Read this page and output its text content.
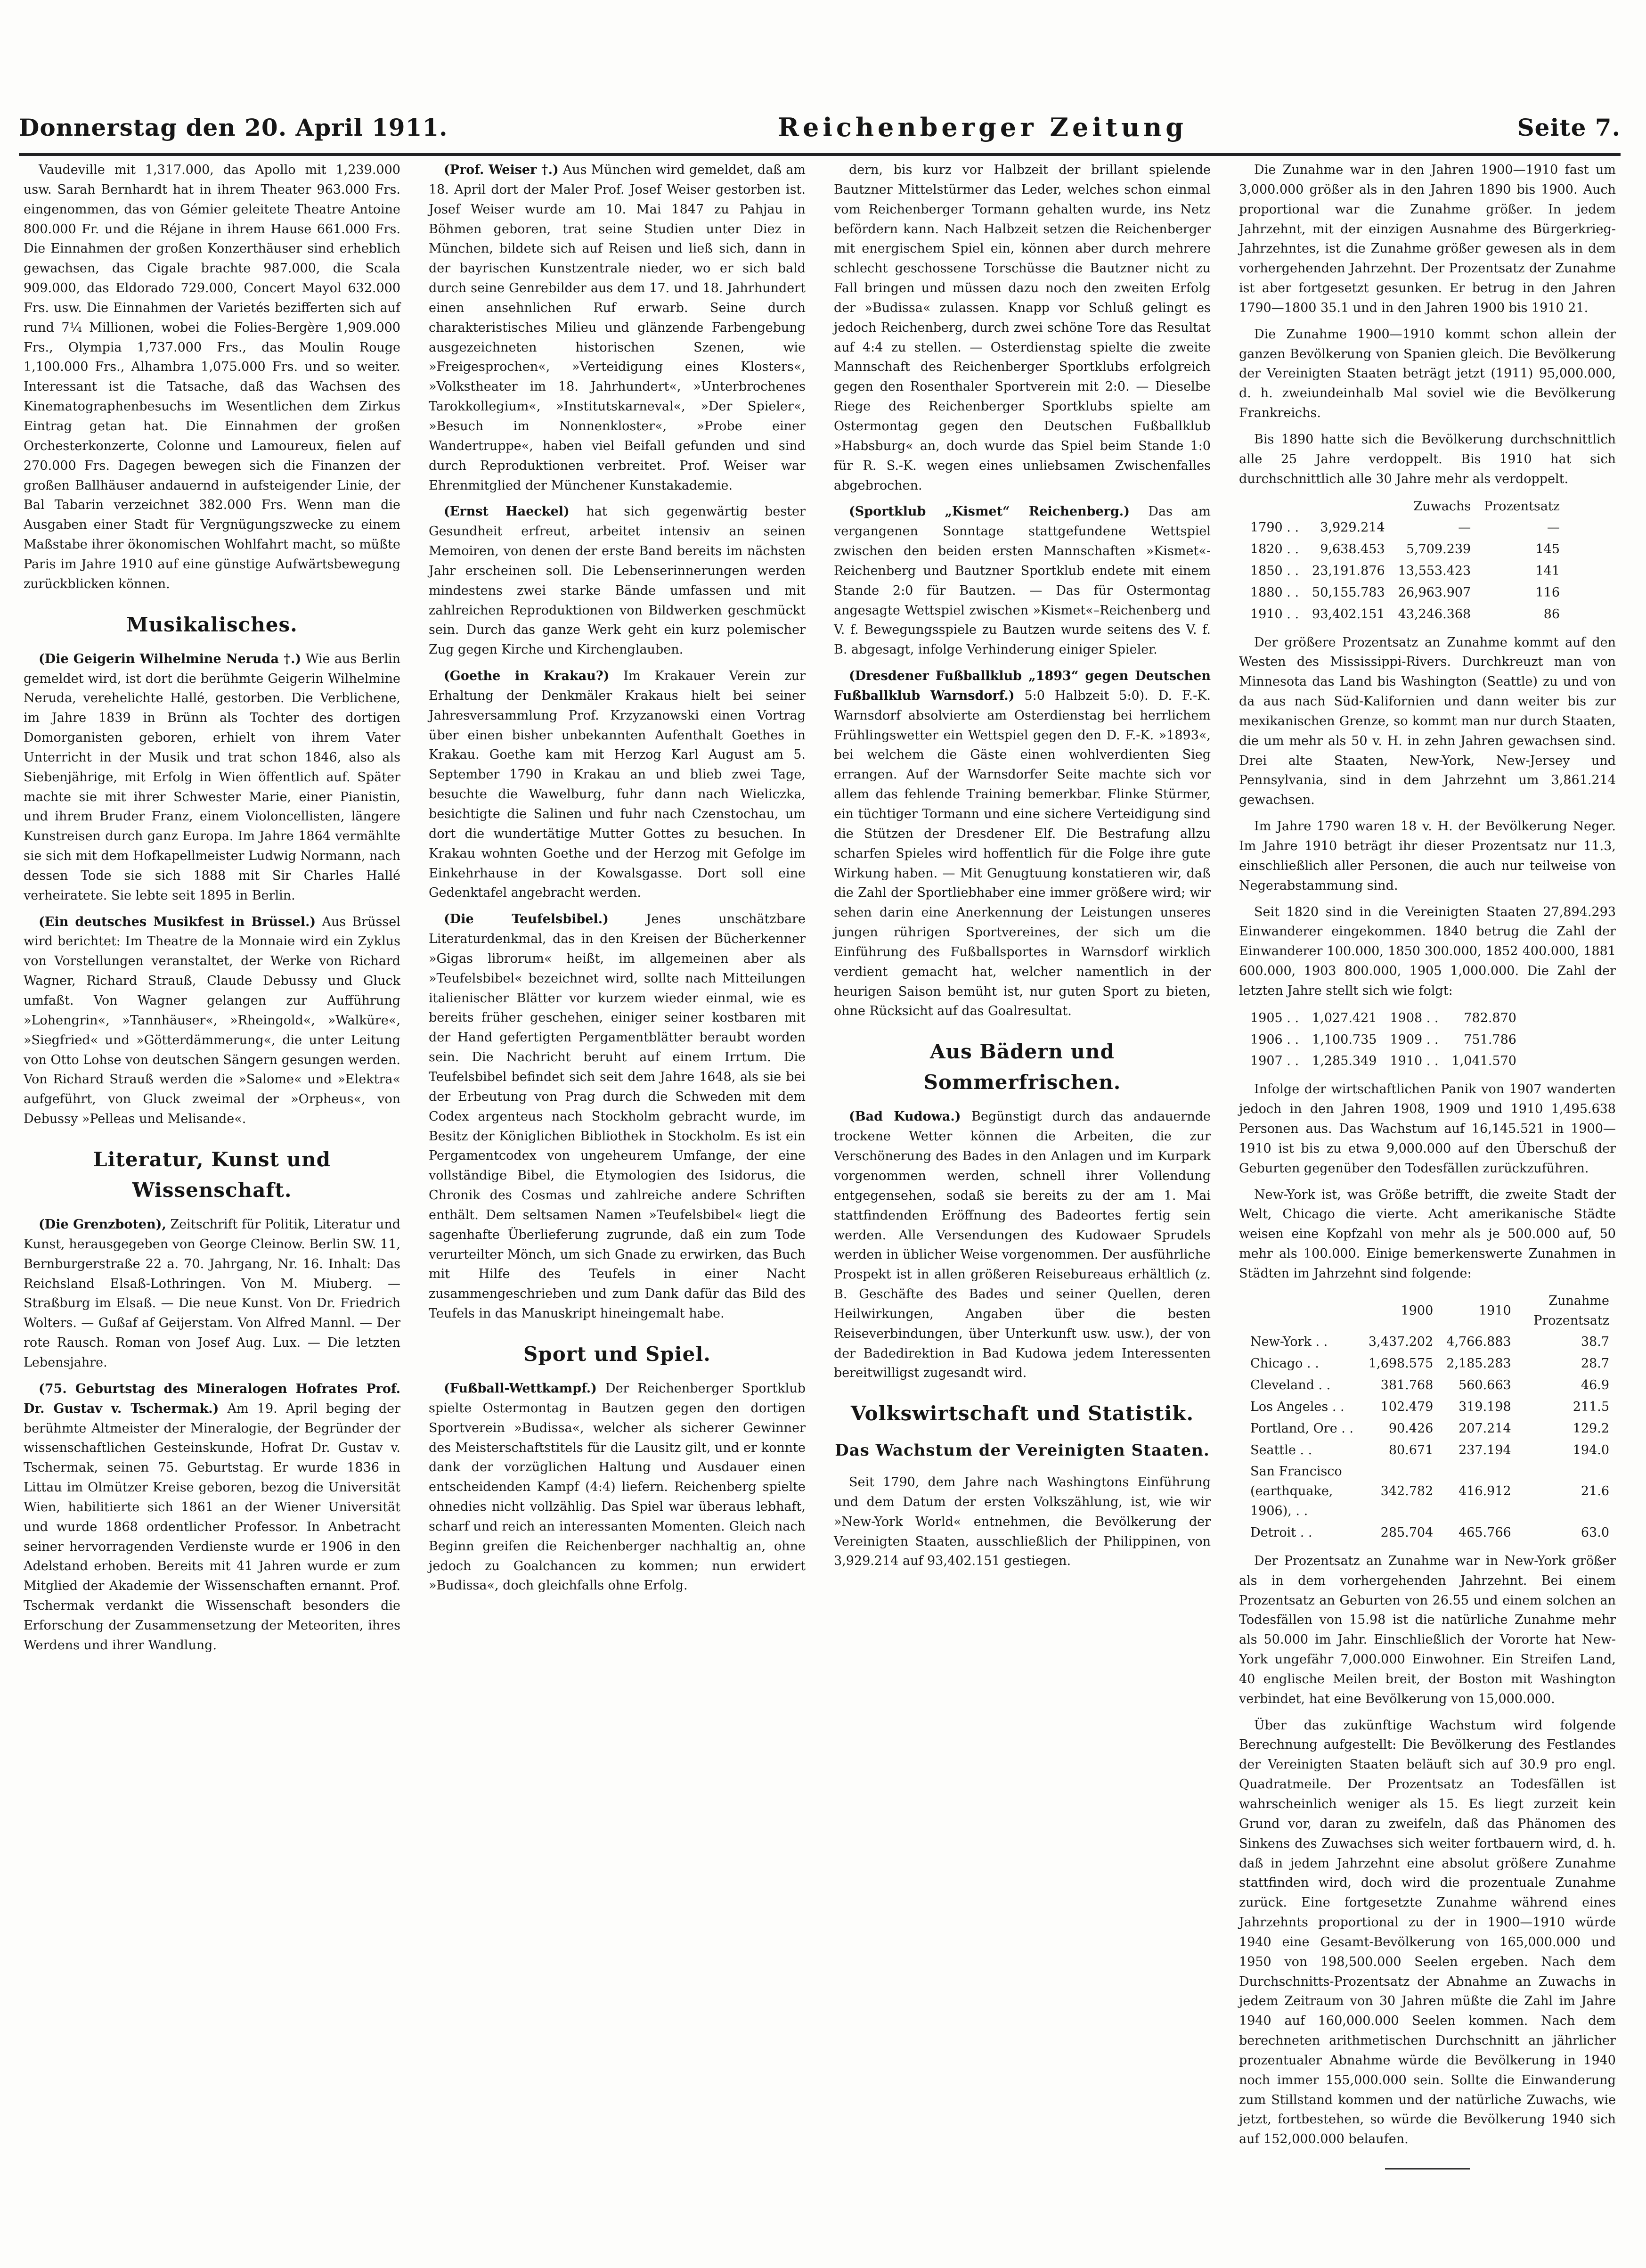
Donnerstag den 20. April 1911.	Reichenberger Zeitung	Seite 7.

Vaudeville mit 1,317.000, das Apollo mit 1,239.000 usw. Sarah Bernhardt hat in ihrem Theater 963.000 Frs. eingenommen, das von Gémier geleitete Theatre Antoine 800.000 Fr. und die Réjane in ihrem Hause 661.000 Frs. Die Einnahmen der großen Konzerthäuser sind erheblich gewachsen, das Cigale brachte 987.000, die Scala 909.000, das Eldorado 729.000, Concert Mayol 632.000 Frs. usw. Die Einnahmen der Varietés bezifferten sich auf rund 7¼ Millionen, wobei die Folies-Bergère 1,909.000 Frs., Olympia 1,737.000 Frs., das Moulin Rouge 1,100.000 Frs., Alhambra 1,075.000 Frs. und so weiter. Interessant ist die Tatsache, daß das Wachsen des Kinematographenbesuchs im Wesentlichen dem Zirkus Eintrag getan hat. Die Einnahmen der großen Orchesterkonzerte, Colonne und Lamoureux, fielen auf 270.000 Frs. Dagegen bewegen sich die Finanzen der großen Ballhäuser andauernd in aufsteigender Linie, der Bal Tabarin verzeichnet 382.000 Frs. Wenn man die Ausgaben einer Stadt für Vergnügungszwecke zu einem Maßstabe ihrer ökonomischen Wohlfahrt macht, so müßte Paris im Jahre 1910 auf eine günstige Aufwärtsbewegung zurückblicken können.

Musikalisches.

(Die Geigerin Wilhelmine Neruda †.) Wie aus Berlin gemeldet wird, ist dort die berühmte Geigerin Wilhelmine Neruda, verehelichte Hallé, gestorben. Die Verblichene, im Jahre 1839 in Brünn als Tochter des dortigen Domorganisten geboren, erhielt von ihrem Vater Unterricht in der Musik und trat schon 1846, also als Siebenjährige, mit Erfolg in Wien öffentlich auf. Später machte sie mit ihrer Schwester Marie, einer Pianistin, und ihrem Bruder Franz, einem Violoncellisten, längere Kunstreisen durch ganz Europa. Im Jahre 1864 vermählte sie sich mit dem Hofkapellmeister Ludwig Normann, nach dessen Tode sie sich 1888 mit Sir Charles Hallé verheiratete. Sie lebte seit 1895 in Berlin.

(Ein deutsches Musikfest in Brüssel.) Aus Brüssel wird berichtet: Im Theatre de la Monnaie wird ein Zyklus von Vorstellungen veranstaltet, der Werke von Richard Wagner, Richard Strauß, Claude Debussy und Gluck umfaßt. Von Wagner gelangen zur Aufführung »Lohengrin«, »Tannhäuser«, »Rheingold«, »Walküre«, »Siegfried« und »Götterdämmerung«, die unter Leitung von Otto Lohse von deutschen Sängern gesungen werden. Von Richard Strauß werden die »Salome« und »Elektra« aufgeführt, von Gluck zweimal der »Orpheus«, von Debussy »Pelleas und Melisande«.

Literatur, Kunst und Wissenschaft.

(Die Grenzboten), Zeitschrift für Politik, Literatur und Kunst, herausgegeben von George Cleinow. Berlin SW. 11, Bernburgerstraße 22 a. 70. Jahrgang, Nr. 16. Inhalt: Das Reichsland Elsaß-Lothringen. Von M. Miuberg. — Straßburg im Elsaß. — Die neue Kunst. Von Dr. Friedrich Wolters. — Gußaf af Geijerstam. Von Alfred Mannl. — Der rote Rausch. Roman von Josef Aug. Lux. — Die letzten Lebensjahre.

(75. Geburtstag des Mineralogen Hofrates Prof. Dr. Gustav v. Tschermak.) Am 19. April beging der berühmte Altmeister der Mineralogie, der Begründer der wissenschaftlichen Gesteinskunde, Hofrat Dr. Gustav v. Tschermak, seinen 75. Geburtstag. Er wurde 1836 in Littau im Olmützer Kreise geboren, bezog die Universität Wien, habilitierte sich 1861 an der Wiener Universität und wurde 1868 ordentlicher Professor. In Anbetracht seiner hervorragenden Verdienste wurde er 1906 in den Adelstand erhoben. Bereits mit 41 Jahren wurde er zum Mitglied der Akademie der Wissenschaften ernannt. Prof. Tschermak verdankt die Wissenschaft besonders die Erforschung der Zusammensetzung der Meteoriten, ihres Werdens und ihrer Wandlung.

(Prof. Weiser †.) Aus München wird gemeldet, daß am 18. April dort der Maler Prof. Josef Weiser gestorben ist. Josef Weiser wurde am 10. Mai 1847 zu Pahjau in Böhmen geboren, trat seine Studien unter Diez in München, bildete sich auf Reisen und ließ sich, dann in der bayrischen Kunstzentrale nieder, wo er sich bald durch seine Genrebilder aus dem 17. und 18. Jahrhundert einen ansehnlichen Ruf erwarb. Seine durch charakteristisches Milieu und glänzende Farbengebung ausgezeichneten historischen Szenen, wie »Freigesprochen«, »Verteidigung eines Klosters«, »Volkstheater im 18. Jahrhundert«, »Unterbrochenes Tarokkollegium«, »Institutskarneval«, »Der Spieler«, »Besuch im Nonnenkloster«, »Probe einer Wandertruppe«, haben viel Beifall gefunden und sind durch Reproduktionen verbreitet. Prof. Weiser war Ehrenmitglied der Münchener Kunstakademie.

(Ernst Haeckel) hat sich gegenwärtig bester Gesundheit erfreut, arbeitet intensiv an seinen Memoiren, von denen der erste Band bereits im nächsten Jahr erscheinen soll. Die Lebenserinnerungen werden mindestens zwei starke Bände umfassen und mit zahlreichen Reproduktionen von Bildwerken geschmückt sein. Durch das ganze Werk geht ein kurz polemischer Zug gegen Kirche und Kirchenglauben.

(Goethe in Krakau?) Im Krakauer Verein zur Erhaltung der Denkmäler Krakaus hielt bei seiner Jahresversammlung Prof. Krzyzanowski einen Vortrag über einen bisher unbekannten Aufenthalt Goethes in Krakau. Goethe kam mit Herzog Karl August am 5. September 1790 in Krakau an und blieb zwei Tage, besuchte die Wawelburg, fuhr dann nach Wieliczka, besichtigte die Salinen und fuhr nach Czenstochau, um dort die wundertätige Mutter Gottes zu besuchen. In Krakau wohnten Goethe und der Herzog mit Gefolge im Einkehrhause in der Kowalsgasse. Dort soll eine Gedenktafel angebracht werden.

(Die Teufelsbibel.)	Jenes unschätzbare Literaturdenkmal, das in den Kreisen der Bücherkenner »Gigas librorum« heißt, im allgemeinen aber als »Teufelsbibel« bezeichnet wird, sollte nach Mitteilungen italienischer Blätter vor kurzem wieder einmal, wie es bereits früher geschehen, einiger seiner kostbaren mit der Hand gefertigten Pergamentblätter beraubt worden sein. Die Nachricht beruht auf einem Irrtum. Die Teufelsbibel befindet sich seit dem Jahre 1648, als sie bei der Erbeutung von Prag durch die Schweden mit dem Codex argenteus nach Stockholm gebracht wurde, im Besitz der Königlichen Bibliothek in Stockholm. Es ist ein Pergamentcodex von ungeheurem Umfange, der eine vollständige Bibel, die Etymologien des Isidorus, die Chronik des Cosmas und zahlreiche andere Schriften enthält. Dem seltsamen Namen »Teufelsbibel« liegt die sagenhafte Überlieferung zugrunde, daß ein zum Tode verurteilter Mönch, um sich Gnade zu erwirken, das Buch mit Hilfe des Teufels in einer Nacht zusammengeschrieben und zum Dank dafür das Bild des Teufels in das Manuskript hineingemalt habe.

Sport und Spiel.

(Fußball-Wettkampf.) Der Reichenberger Sportklub spielte Ostermontag in Bautzen gegen den dortigen Sportverein »Budissa«, welcher als sicherer Gewinner des Meisterschaftstitels für die Lausitz gilt, und er konnte dank der vorzüglichen Haltung und Ausdauer einen entscheidenden Kampf (4:4) liefern. Reichenberg spielte ohnedies nicht vollzählig. Das Spiel war überaus lebhaft, scharf und reich an interessanten Momenten. Gleich nach Beginn greifen die Reichenberger nachhaltig an, ohne jedoch zu Goalchancen zu kommen; nun erwidert »Budissa«, doch gleichfalls ohne Erfolg.

dern, bis kurz vor Halbzeit der brillant spielende Bautzner Mittelstürmer das Leder, welches schon einmal vom Reichenberger Tormann gehalten wurde, ins Netz befördern kann. Nach Halbzeit setzen die Reichenberger mit energischem Spiel ein, können aber durch mehrere schlecht geschossene Torschüsse die Bautzner nicht zu Fall bringen und müssen dazu noch den zweiten Erfolg der »Budissa« zulassen. Knapp vor Schluß gelingt es jedoch Reichenberg, durch zwei schöne Tore das Resultat auf 4:4 zu stellen. — Osterdienstag spielte die zweite Mannschaft des Reichenberger Sportklubs erfolgreich gegen den Rosenthaler Sportverein mit 2:0. — Dieselbe Riege des Reichenberger Sportklubs spielte am Ostermontag gegen den Deutschen Fußballklub »Habsburg« an, doch wurde das Spiel beim Stande 1:0 für R. S.-K. wegen eines unliebsamen Zwischenfalles abgebrochen.

(Sportklub „Kismet“ Reichenberg.) Das am vergangenen Sonntage stattgefundene Wettspiel zwischen den beiden ersten Mannschaften »Kismet«-Reichenberg und Bautzner Sportklub endete mit einem Stande 2:0 für Bautzen. — Das für Ostermontag angesagte Wettspiel zwischen »Kismet«–Reichenberg und V. f. Bewegungsspiele zu Bautzen wurde seitens des V. f. B. abgesagt, infolge Verhinderung einiger Spieler.

(Dresdener Fußballklub „1893“ gegen Deutschen Fußballklub Warnsdorf.) 5:0 Halbzeit 5:0). D. F.-K. Warnsdorf absolvierte am Osterdienstag bei herrlichem Frühlingswetter ein Wettspiel gegen den D. F.-K. »1893«, bei welchem die Gäste einen wohlverdienten Sieg errangen. Auf der Warnsdorfer Seite machte sich vor allem das fehlende Training bemerkbar. Flinke Stürmer, ein tüchtiger Tormann und eine sichere Verteidigung sind die Stützen der Dresdener Elf. Die Bestrafung allzu scharfen Spieles wird hoffentlich für die Folge ihre gute Wirkung haben. — Mit Genugtuung konstatieren wir, daß die Zahl der Sportliebhaber eine immer größere wird; wir sehen darin eine Anerkennung der Leistungen unseres jungen rührigen Sportvereines, der sich um die Einführung des Fußballsportes in Warnsdorf wirklich verdient gemacht hat, welcher namentlich in der heurigen Saison bemüht ist, nur guten Sport zu bieten, ohne Rücksicht auf das Goalresultat.

Aus Bädern und Sommerfrischen.

(Bad Kudowa.) Begünstigt durch das andauernde trockene Wetter können die Arbeiten, die zur Verschönerung des Bades in den Anlagen und im Kurpark vorgenommen werden, schnell ihrer Vollendung entgegensehen, sodaß sie bereits zu der am 1. Mai stattfindenden Eröffnung des Badeortes fertig sein werden. Alle Versendungen des Kudowaer Sprudels werden in üblicher Weise vorgenommen. Der ausführliche Prospekt ist in allen größeren Reisebureaus erhältlich (z. B. Geschäfte des Bades und seiner Quellen, deren Heilwirkungen, Angaben über die besten Reiseverbindungen, über Unterkunft usw. usw.), der von der Badedirektion in Bad Kudowa jedem Interessenten bereitwilligst zugesandt wird.

Volkswirtschaft und Statistik.
Das Wachstum der Vereinigten Staaten.

Seit 1790, dem Jahre nach Washingtons Einführung und dem Datum der ersten Volkszählung, ist, wie wir »New-York World« entnehmen, die Bevölkerung der Vereinigten Staaten, ausschließlich der Philippinen, von 3,929.214 auf 93,402.151 gestiegen.

Die Zunahme war in den Jahren 1900—1910 fast um 3,000.000 größer als in den Jahren 1890 bis 1900. Auch proportional war die Zunahme größer. In jedem Jahrzehnt, mit der einzigen Ausnahme des Bürgerkrieg-Jahrzehntes, ist die Zunahme größer gewesen als in dem vorhergehenden Jahrzehnt. Der Prozentsatz der Zunahme ist aber fortgesetzt gesunken. Er betrug in den Jahren 1790—1800 35.1 und in den Jahren 1900 bis 1910 21.

Die Zunahme 1900—1910 kommt schon allein der ganzen Bevölkerung von Spanien gleich. Die Bevölkerung der Vereinigten Staaten beträgt jetzt (1911) 95,000.000, d. h. zweiundeinhalb Mal soviel wie die Bevölkerung Frankreichs.

Bis 1890 hatte sich die Bevölkerung durchschnittlich alle 25 Jahre verdoppelt. Bis 1910 hat sich durchschnittlich alle 30 Jahre mehr als verdoppelt.

		Zuwachs	Prozentsatz
1790 . .	3,929.214	—	—
1820 . .	9,638.453	5,709.239	145
1850 . .	23,191.876	13,553.423	141
1880 . .	50,155.783	26,963.907	116
1910 . .	93,402.151	43,246.368	86

Der größere Prozentsatz an Zunahme kommt auf den Westen des Mississippi-Rivers. Durchkreuzt man von Minnesota das Land bis Washington (Seattle) zu und von da aus nach Süd-Kalifornien und dann weiter bis zur mexikanischen Grenze, so kommt man nur durch Staaten, die um mehr als 50 v. H. in zehn Jahren gewachsen sind. Drei alte Staaten, New-York, New-Jersey und Pennsylvania, sind in dem Jahrzehnt um 3,861.214 gewachsen.

Im Jahre 1790 waren 18 v. H. der Bevölkerung Neger. Im Jahre 1910 beträgt ihr dieser Prozentsatz nur 11.3, einschließlich aller Personen, die auch nur teilweise von Negerabstammung sind.

Seit 1820 sind in die Vereinigten Staaten 27,894.293 Einwanderer eingekommen. 1840 betrug die Zahl der Einwanderer 100.000, 1850 300.000, 1852 400.000, 1881 600.000, 1903 800.000, 1905 1,000.000. Die Zahl der letzten Jahre stellt sich wie folgt:

1905 . .	1,027.421	1908 . .	782.870
1906 . .	1,100.735	1909 . .	751.786
1907 . .	1,285.349	1910 . .	1,041.570

Infolge der wirtschaftlichen Panik von 1907 wanderten jedoch in den Jahren 1908, 1909 und 1910 1,495.638 Personen aus. Das Wachstum auf 16,145.521 in 1900—1910 ist bis zu etwa 9,000.000 auf den Überschuß der Geburten gegenüber den Todesfällen zurückzuführen.

New-York ist, was Größe betrifft, die zweite Stadt der Welt, Chicago die vierte. Acht amerikanische Städte weisen eine Kopfzahl von mehr als je 500.000 auf, 50 mehr als 100.000. Einige bemerkenswerte Zunahmen in Städten im Jahrzehnt sind folgende:

	1900	1910	Zunahme Prozentsatz
New-York . .	3,437.202	4,766.883	38.7
Chicago . .	1,698.575	2,185.283	28.7
Cleveland . .	381.768	560.663	46.9
Los Angeles . .	102.479	319.198	211.5
Portland, Ore . .	90.426	207.214	129.2
Seattle . .	80.671	237.194	194.0
San Francisco (earthquake, 1906), . .	342.782	416.912	21.6
Detroit . .	285.704	465.766	63.0

Der Prozentsatz an Zunahme war in New-York größer als in dem vorhergehenden Jahrzehnt. Bei einem Prozentsatz an Geburten von 26.55 und einem solchen an Todesfällen von 15.98 ist die natürliche Zunahme mehr als 50.000 im Jahr. Einschließlich der Vororte hat New-York ungefähr 7,000.000 Einwohner. Ein Streifen Land, 40 englische Meilen breit, der Boston mit Washington verbindet, hat eine Bevölkerung von 15,000.000.

Über das zukünftige Wachstum wird folgende Berechnung aufgestellt: Die Bevölkerung des Festlandes der Vereinigten Staaten beläuft sich auf 30.9 pro engl. Quadratmeile. Der Prozentsatz an Todesfällen ist wahrscheinlich weniger als 15. Es liegt zurzeit kein Grund vor, daran zu zweifeln, daß das Phänomen des Sinkens des Zuwachses sich weiter fortbauern wird, d. h. daß in jedem Jahrzehnt eine absolut größere Zunahme stattfinden wird, doch wird die prozentuale Zunahme zurück. Eine fortgesetzte Zunahme während eines Jahrzehnts proportional zu der in 1900—1910 würde 1940 eine Gesamt-Bevölkerung von 165,000.000 und 1950 von 198,500.000 Seelen ergeben. Nach dem Durchschnitts-Prozentsatz der Abnahme an Zuwachs in jedem Zeitraum von 30 Jahren müßte die Zahl im Jahre 1940 auf 160,000.000 Seelen kommen. Nach dem berechneten arithmetischen Durchschnitt an jährlicher prozentualer Abnahme würde die Bevölkerung in 1940 noch immer 155,000.000 sein. Sollte die Einwanderung zum Stillstand kommen und der natürliche Zuwachs, wie jetzt, fortbestehen, so würde die Bevölkerung 1940 sich auf 152,000.000 belaufen.
